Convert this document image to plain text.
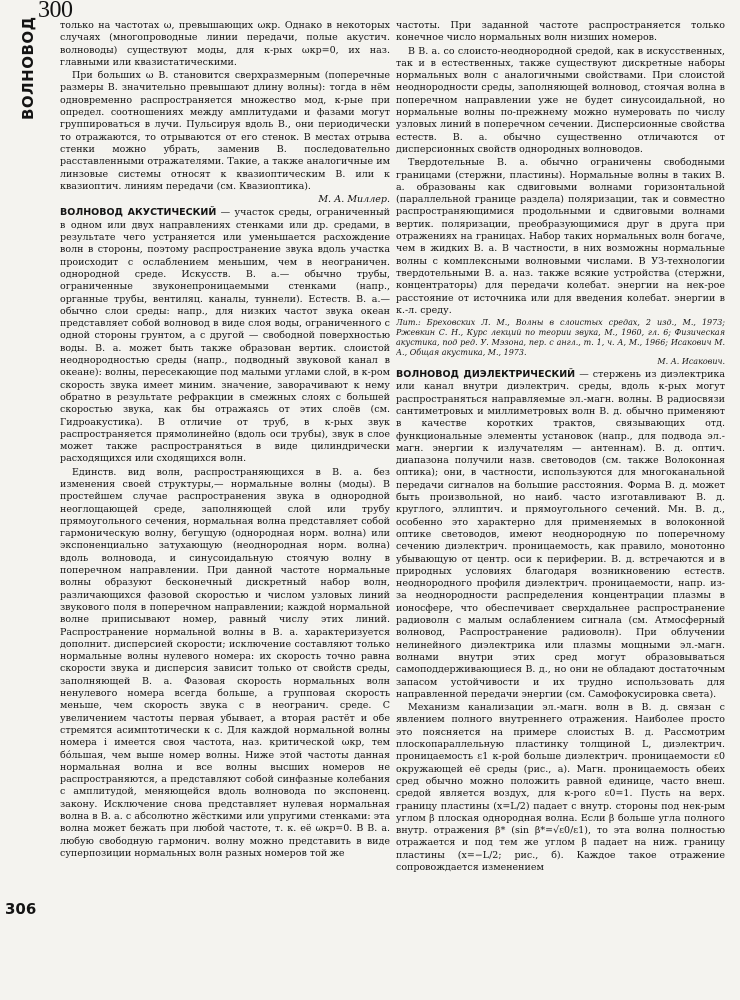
300
ВОЛНОВОД
306

только на частотах ω, превышающих ωкр. Однако в некоторых случаях (многопроводные линии передачи, полые акустич. волноводы) существуют моды, для к-рых ωкр=0, их наз. главными или квазистатическими.

При больших ω В. становится сверхразмерным (поперечные размеры В. значительно превышают длину волны): тогда в нём одновременно распространяется множество мод, к-рые при определ. соотношениях между амплитудами и фазами могут группироваться в лучи. Пульсируя вдоль В., они периодически то отражаются, то отрываются от его стенок. В местах отрыва стенки можно убрать, заменив В. последовательно расставленными отражателями. Такие, а также аналогичные им линзовые системы относят к квазиоптическим В. или к квазиоптич. линиям передачи (см. Квазиоптика).

М. А. Миллер.

ВОЛНОВОД АКУСТИЧЕСКИЙ — участок среды, ограниченный в одном или двух направлениях стенками или др. средами, в результате чего устраняется или уменьшается расхождение волн в стороны, поэтому распространение звука вдоль участка происходит с ослаблением меньшим, чем в неограничен. однородной среде. Искусств. В. а.— обычно трубы, ограниченные звуконепроницаемыми стенками (напр., органные трубы, вентиляц. каналы, туннели). Естеств. В. а.— обычно слои среды: напр., для низких частот звука океан представляет собой волновод в виде слоя воды, ограниченного с одной стороны грунтом, а с другой — свободной поверхностью воды. В. а. может быть также образован вертик. слоистой неоднородностью среды (напр., подводный звуковой канал в океане): волны, пересекающие под малыми углами слой, в к-ром скорость звука имеет миним. значение, заворачивают к нему обратно в результате рефракции в смежных слоях с большей скоростью звука, как бы отражаясь от этих слоёв (см. Гидроакустика). В отличие от труб, в к-рых звук распространяется прямолинейно (вдоль оси трубы), звук в слое может также распространяться в виде цилиндрически расходящихся или сходящихся волн.

Единств. вид волн, распространяющихся в В. а. без изменения своей структуры,— нормальные волны (моды). В простейшем случае распространения звука в однородной неоглощающей среде, заполняющей слой или трубу прямоугольного сечения, нормальная волна представляет собой гармоническую волну, бегущую (однородная норм. волна) или экспоненциально затухающую (неоднородная норм. волна) вдоль волновода, и синусоидальную стоячую волну в поперечном направлении. При данной частоте нормальные волны образуют бесконечный дискретный набор волн, различающихся фазовой скоростью и числом узловых линий звукового поля в поперечном направлении; каждой нормальной волне приписывают номер, равный числу этих линий. Распространение нормальной волны в В. а. характеризуется дополнит. дисперсией скорости; исключение составляют только нормальные волны нулевого номера: их скорость точно равна скорости звука и дисперсия зависит только от свойств среды, заполняющей В. а. Фазовая скорость нормальных волн ненулевого номера всегда больше, а групповая скорость меньше, чем скорость звука c в неогранич. среде. С увеличением частоты первая убывает, а вторая растёт и обе стремятся асимптотически к c. Для каждой нормальной волны номера i имеется своя частота, наз. критической ωкр, тем бóльшая, чем выше номер волны. Ниже этой частоты данная нормальная волна и все волны высших номеров не распространяются, а представляют собой синфазные колебания с амплитудой, меняющейся вдоль волновода по экспоненц. закону. Исключение снова представляет нулевая нормальная волна в В. а. с абсолютно жёсткими или упругими стенками: эта волна может бежать при любой частоте, т. к. её ωкр=0. В В. а. любую свободную гармонич. волну можно представить в виде суперпозиции нормальных волн разных номеров той же

частоты. При заданной частоте распространяется только конечное число нормальных волн низших номеров.

В В. а. со слоисто-неоднородной средой, как в искусственных, так и в естественных, также существуют дискретные наборы нормальных волн с аналогичными свойствами. При слоистой неоднородности среды, заполняющей волновод, стоячая волна в поперечном направлении уже не будет синусоидальной, но нормальные волны по-прежнему можно нумеровать по числу узловых линий в поперечном сечении. Дисперсионные свойства естеств. В. а. обычно существенно отличаются от дисперсионных свойств однородных волноводов.

Твердотельные В. а. обычно ограничены свободными границами (стержни, пластины). Нормальные волны в таких В. а. образованы как сдвиговыми волнами горизонтальной (параллельной границе раздела) поляризации, так и совместно распространяющимися продольными и сдвиговыми волнами вертик. поляризации, преобразующимися друг в друга при отражениях на границах. Набор таких нормальных волн богаче, чем в жидких В. а. В частности, в них возможны нормальные волны с комплексными волновыми числами. В УЗ-технологии твердотельными В. а. наз. также всякие устройства (стержни, концентраторы) для передачи колебат. энергии на нек-рое расстояние от источника или для введения колебат. энергии в к.-л. среду.

Лит.: Бреховских Л. М., Волны в слоистых средах, 2 изд., М., 1973; Ржевкин С. Н., Курс лекций по теории звука, М., 1960, гл. 6; Физическая акустика, под ред. У. Мэзона, пер. с англ., т. 1, ч. А, М., 1966; Исакович М. А., Общая акустика, М., 1973.
М. А. Исакович.

ВОЛНОВОД ДИЭЛЕКТРИЧЕСКИЙ — стержень из диэлектрика или канал внутри диэлектрич. среды, вдоль к-рых могут распространяться направляемые эл.-магн. волны. В радиосвязи сантиметровых и миллиметровых волн В. д. обычно применяют в качестве коротких трактов, связывающих отд. функциональные элементы установок (напр., для подвода эл.-магн. энергии к излучателям — антеннам). В. д. оптич. диапазона получили назв. световодов (см. также Волоконная оптика); они, в частности, используются для многоканальной передачи сигналов на большие расстояния. Форма В. д. может быть произвольной, но наиб. часто изготавливают В. д. круглого, эллиптич. и прямоугольного сечений. Мн. В. д., особенно это характерно для применяемых в волоконной оптике световодов, имеют неоднородную по поперечному сечению диэлектрич. проницаемость, как правило, монотонно убывающую от центр. оси к периферии. В. д. встречаются и в природных условиях благодаря возникновению естеств. неоднородного профиля диэлектрич. проницаемости, напр. из-за неоднородности распределения концентрации плазмы в ионосфере, что обеспечивает сверхдальнее распространение радиоволн с малым ослаблением сигнала (см. Атмосферный волновод, Распространение радиоволн). При облучении нелинейного диэлектрика или плазмы мощными эл.-магн. волнами внутри этих сред могут образовываться самоподдерживающиеся В. д., но они не обладают достаточным запасом устойчивости и их трудно использовать для направленной передачи энергии (см. Самофокусировка света).

Механизм канализации эл.-магн. волн в В. д. связан с явлением полного внутреннего отражения. Наиболее просто это поясняется на примере слоистых В. д. Рассмотрим плоскопараллельную пластинку толщиной L, диэлектрич. проницаемость ε1 к-рой больше диэлектрич. проницаемости ε0 окружающей её среды (рис., а). Магн. проницаемость обеих сред обычно можно положить равной единице, часто внеш. средой является воздух, для к-рого ε0=1. Пусть на верх. границу пластины (x=L/2) падает с внутр. стороны под нек-рым углом β плоская однородная волна. Если β больше угла полного внутр. отражения β* (sin β*=√ε0/ε1), то эта волна полностью отражается и под тем же углом β падает на ниж. границу пластины (x=−L/2; рис., б). Каждое такое отражение сопровождается изменением
